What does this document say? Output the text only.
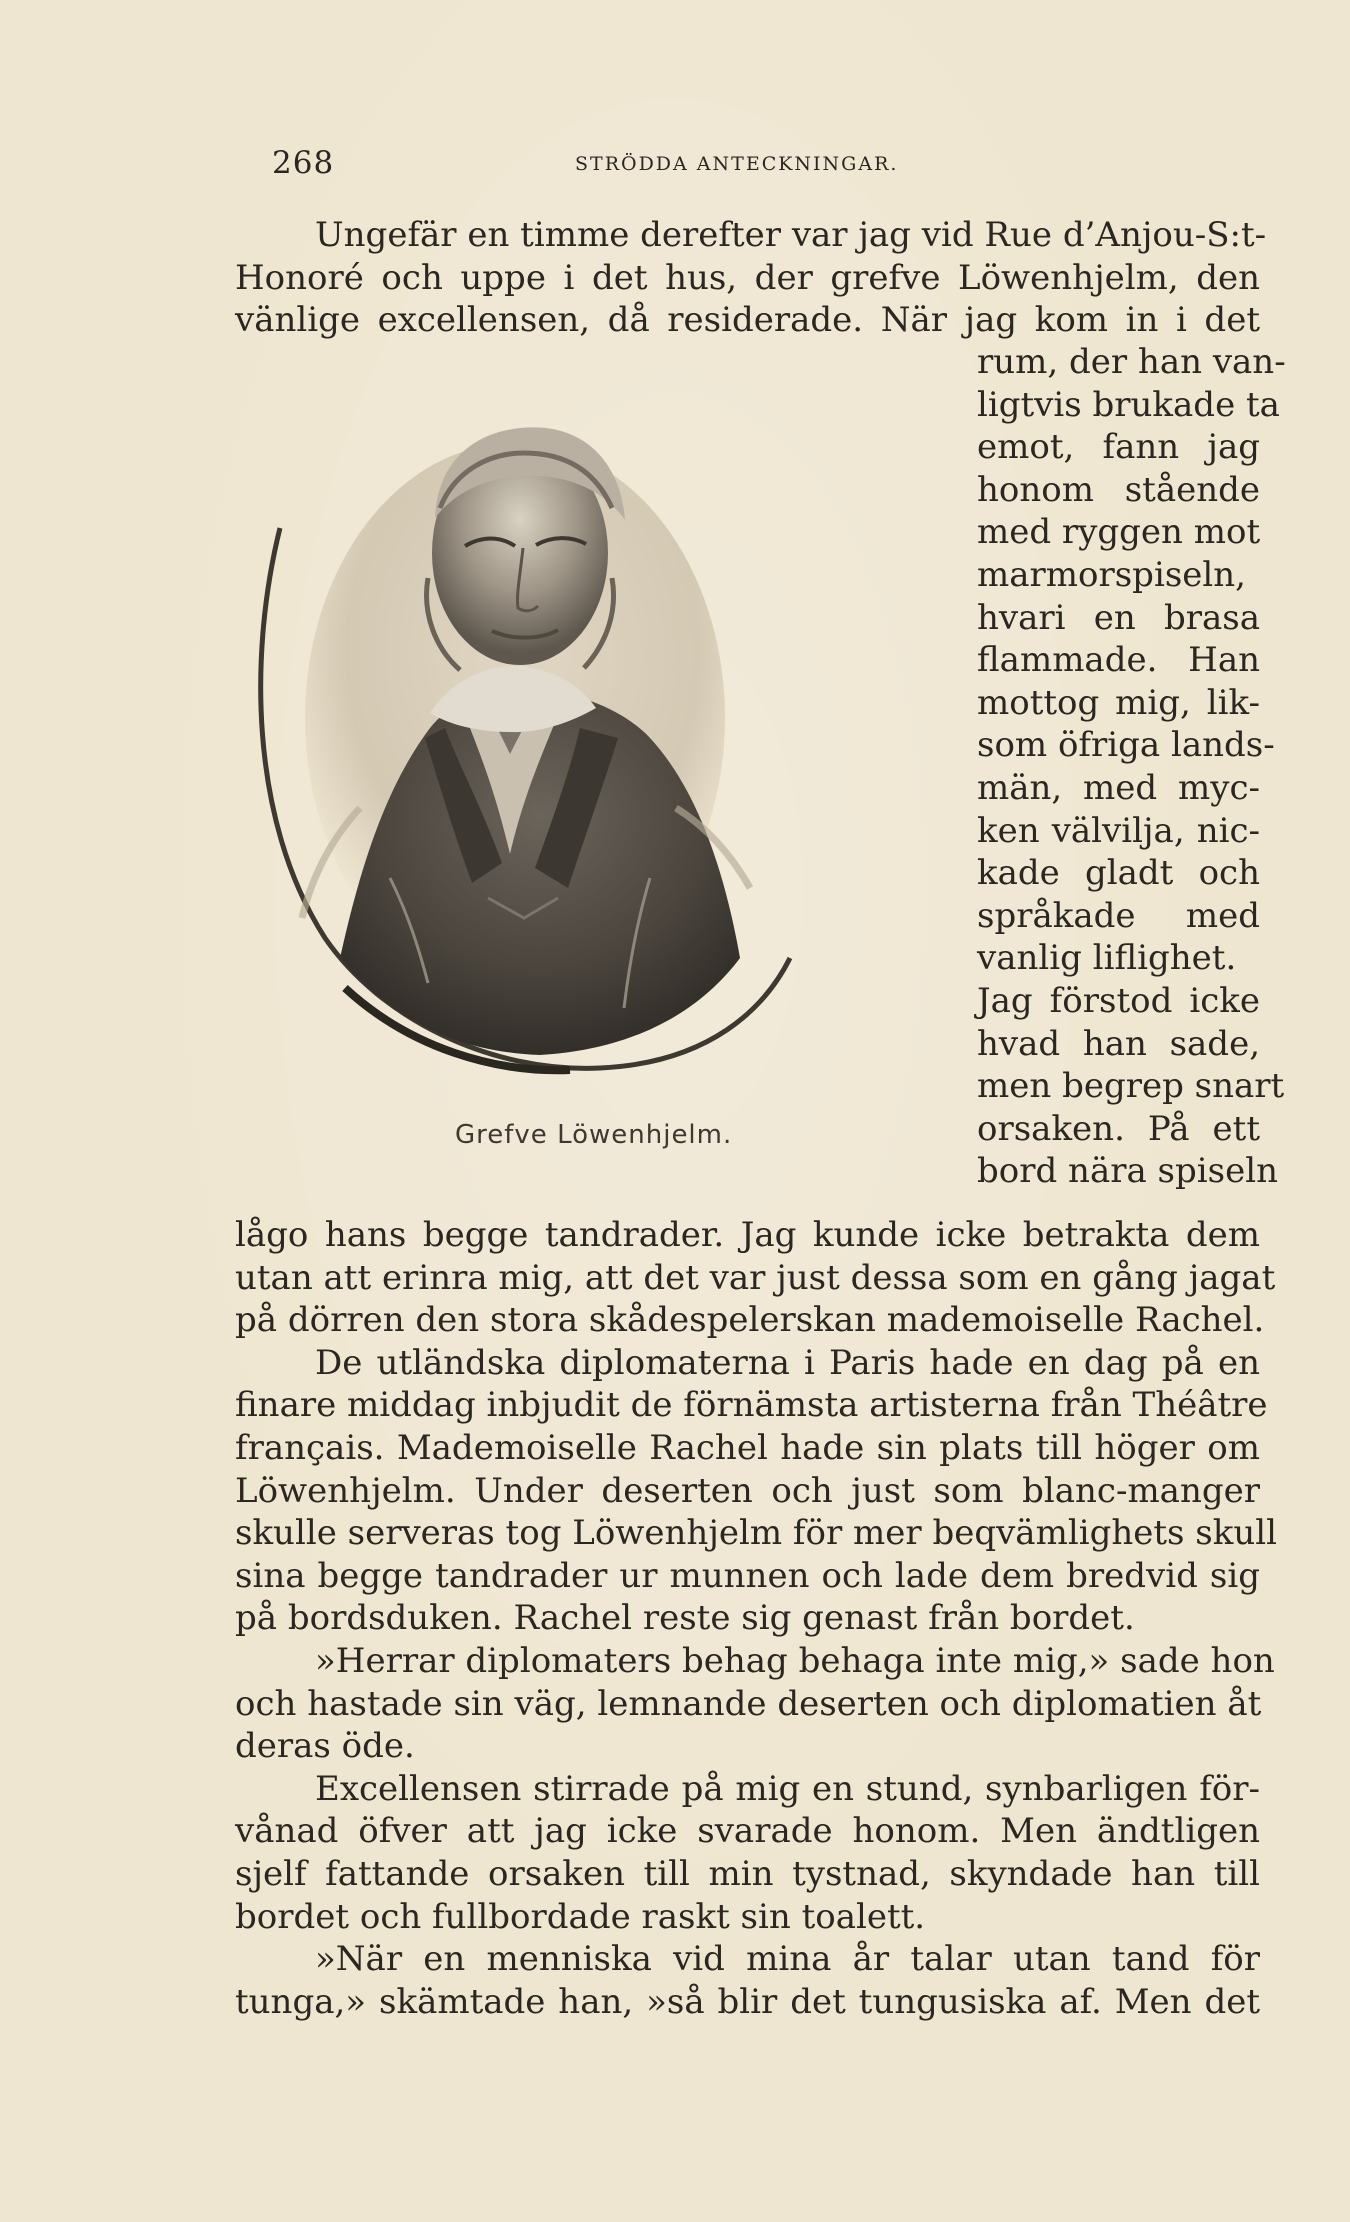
268	STRÖDDA ANTECKNINGAR.
Ungefär en timme derefter var jag vid Rue d’Anjou-S:t-
Honoré och uppe i det hus, der grefve Löwenhjelm, den
vänlige excellensen, då residerade. När jag kom in i det
Grefve Löwenhjelm.
rum, der han van-
ligtvis brukade ta
emot, fann jag
honom stående
med ryggen mot
marmorspiseln,
hvari en brasa
flammade. Han
mottog mig, lik-
som öfriga lands-
män, med myc-
ken välvilja, nic-
kade gladt och
språkade med
vanlig liflighet.
Jag förstod icke
hvad han sade,
men begrep snart
orsaken. På ett
bord nära spiseln
lågo hans begge tandrader. Jag kunde icke betrakta dem
utan att erinra mig, att det var just dessa som en gång jagat
på dörren den stora skådespelerskan mademoiselle Rachel.
De utländska diplomaterna i Paris hade en dag på en
finare middag inbjudit de förnämsta artisterna från Théâtre
français. Mademoiselle Rachel hade sin plats till höger om
Löwenhjelm. Under deserten och just som blanc-manger
skulle serveras tog Löwenhjelm för mer beqvämlighets skull
sina begge tandrader ur munnen och lade dem bredvid sig
på bordsduken. Rachel reste sig genast från bordet.
»Herrar diplomaters behag behaga inte mig,» sade hon
och hastade sin väg, lemnande deserten och diplomatien åt
deras öde.
Excellensen stirrade på mig en stund, synbarligen för-
vånad öfver att jag icke svarade honom. Men ändtligen
sjelf fattande orsaken till min tystnad, skyndade han till
bordet och fullbordade raskt sin toalett.
»När en menniska vid mina år talar utan tand för
tunga,» skämtade han, »så blir det tungusiska af. Men det
